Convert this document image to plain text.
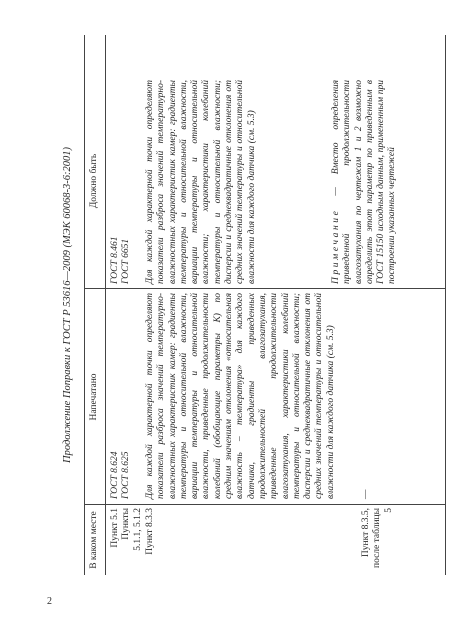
2
Продолжение Поправки к ГОСТ Р 53616—2009 (МЭК 60068-3-6:2001)
В каком месте
Напечатано
Должно быть
Пункт 5.1 Пункты 5.1.1, 5.1.2
ГОСТ 8.624 ГОСТ 8.625
ГОСТ 8.461 ГОСТ 6651
Пункт 8.3.3

Для каждой характерной точки определяют показатели разброса значений температурно-влажностных характеристик камер: градиенты температуры и относительной влажности, вариации температуры и относительной влажности, приведенные продолжительности колебаний (обобщающие параметры К) по средним значениям отклонения «относительная влажность – температура» для каждого датчика, градиенты приведенных продолжительностей влагозатухания, приведенные продолжительности влагозатухания, характеристики колебаний температуры и относительной влажности; дисперсии и среднеквадратичные отклонения от средних значений температуры и относительной влажности для каждого датчика (см. 5.3)

Для каждой характерной точки определяют показатели разброса значений температурно-влажностных характеристик камер: градиенты температуры и относительной влажности, вариации температуры и относительной влажности; характеристики колебаний температуры и относительной влажности; дисперсии и среднеквадратичные отклонения от средних значений температуры и относительной влажности для каждого датчика (см. 5.3)

Пункт 8.3.5, после таблицы 5
—

Примечание — Вместо определения приведенной продолжительности влагозатухания по чертежам 1 и 2 возможно определить этот параметр по приведенным в ГОСТ 15150 исходным данным, примененным при построении указанных чертежей
